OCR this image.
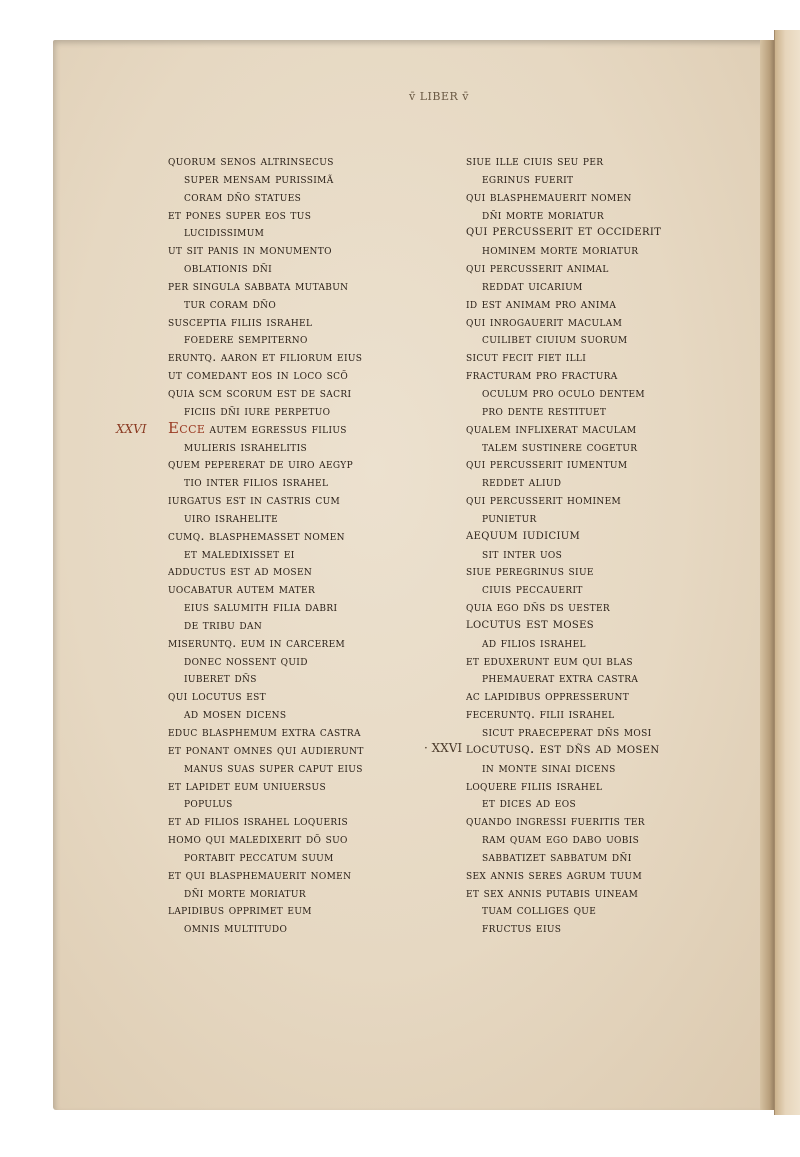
ⅴ̄ LIBER ⅴ̄
XXVI
· XXVI
quorum senos altrinsecus
super mensam purissimã
coram dño statues
et pones super eos tus
lucidissimum
ut sit panis in monumento
oblationis dñi
per singula sabbata mutabun
tur coram dño
susceptia filiis israhel
foedere sempiterno
eruntq. aaron et filiorum eius
ut comedant eos in loco scõ
quia scm scorum est de sacri
ficiis dñi iure perpetuo
Ecce autem egressus filius
mulieris israhelitis
quem pepererat de uiro aegyp
tio inter filios israhel
iurgatus est in castris cum
uiro israhelite
cumq. blasphemasset nomen
et maledixisset ei
adductus est ad mosen
uocabatur autem mater
eius salumith filia dabri
de tribu dan
miseruntq. eum in carcerem
donec nossent quid
iuberet dñs
qui locutus est
ad mosen dicens
educ blasphemum extra castra
et ponant omnes qui audierunt
manus suas super caput eius
et lapidet eum uniuersus
populus
et ad filios israhel loqueris
homo qui maledixerit dõ suo
portabit peccatum suum
et qui blasphemauerit nomen
dñi morte moriatur
lapidibus opprimet eum
omnis multitudo
siue ille ciuis seu per
egrinus fuerit
qui blasphemauerit nomen
dñi morte moriatur
qui percusserit et occiderit
hominem morte moriatur
qui percusserit animal
reddat uicarium
id est animam pro anima
qui inrogauerit maculam
cuilibet ciuium suorum
sicut fecit fiet illi
fracturam pro fractura
oculum pro oculo dentem
pro dente restituet
qualem inflixerat maculam
talem sustinere cogetur
qui percusserit iumentum
reddet aliud
qui percusserit hominem
punietur
aequum iudicium
sit inter uos
siue peregrinus siue
ciuis peccauerit
quia ego dñs ds uester
locutus est moses
ad filios israhel
et eduxerunt eum qui blas
phemauerat extra castra
ac lapidibus oppresserunt
feceruntq. filii israhel
sicut praeceperat dñs mosi
locutusq. est dñs ad mosen
in monte sinai dicens
loquere filiis israhel
et dices ad eos
quando ingressi fueritis ter
ram quam ego dabo uobis
sabbatizet sabbatum dñi
sex annis seres agrum tuum
et sex annis putabis uineam
tuam colliges que
fructus eius
